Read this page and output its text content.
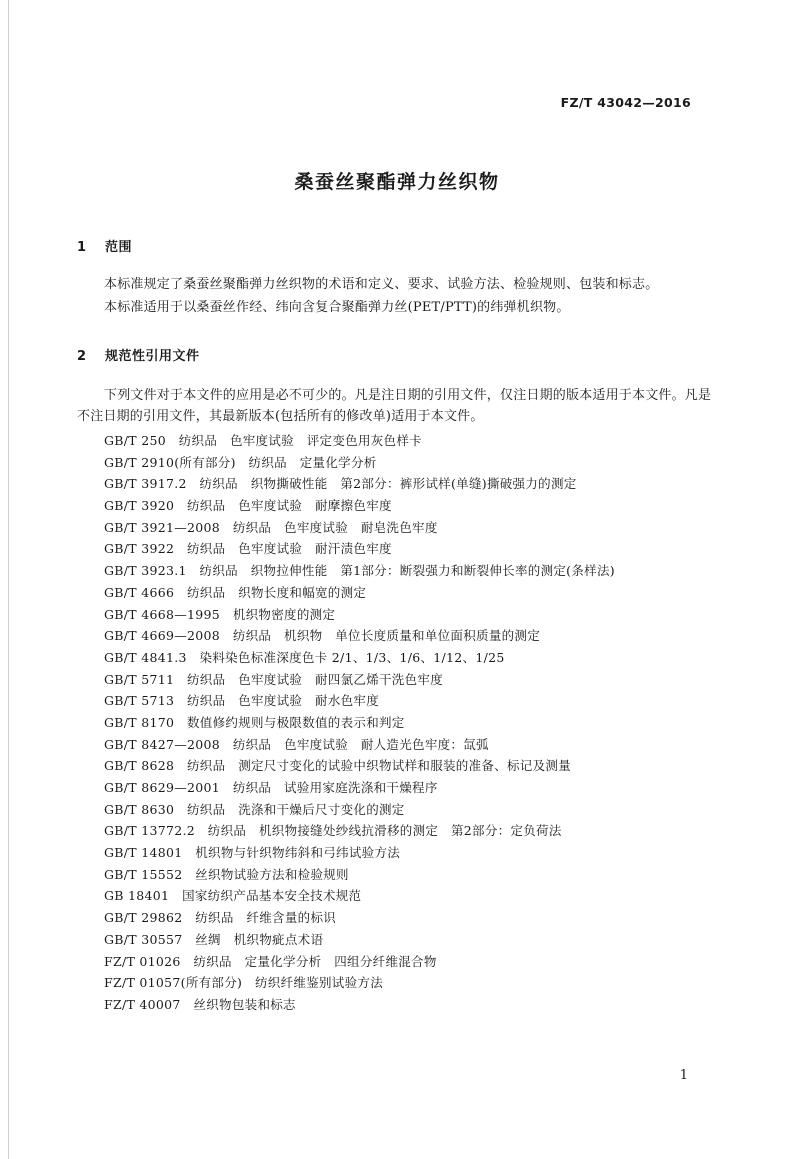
FZ/T 43042—2016
桑蚕丝聚酯弹力丝织物
1 范围
本标准规定了桑蚕丝聚酯弹力丝织物的术语和定义、要求、试验方法、检验规则、包装和标志。
本标准适用于以桑蚕丝作经、纬向含复合聚酯弹力丝(PET/PTT)的纬弹机织物。
2 规范性引用文件
下列文件对于本文件的应用是必不可少的。凡是注日期的引用文件，仅注日期的版本适用于本文件。凡是不注日期的引用文件，其最新版本(包括所有的修改单)适用于本文件。
GB/T 250　纺织品　色牢度试验　评定变色用灰色样卡
GB/T 2910(所有部分)　纺织品　定量化学分析
GB/T 3917.2　纺织品　织物撕破性能　第2部分：裤形试样(单缝)撕破强力的测定
GB/T 3920　纺织品　色牢度试验　耐摩擦色牢度
GB/T 3921—2008　纺织品　色牢度试验　耐皂洗色牢度
GB/T 3922　纺织品　色牢度试验　耐汗渍色牢度
GB/T 3923.1　纺织品　织物拉伸性能　第1部分：断裂强力和断裂伸长率的测定(条样法)
GB/T 4666　纺织品　织物长度和幅宽的测定
GB/T 4668—1995　机织物密度的测定
GB/T 4669—2008　纺织品　机织物　单位长度质量和单位面积质量的测定
GB/T 4841.3　染料染色标准深度色卡 2/1、1/3、1/6、1/12、1/25
GB/T 5711　纺织品　色牢度试验　耐四氯乙烯干洗色牢度
GB/T 5713　纺织品　色牢度试验　耐水色牢度
GB/T 8170　数值修约规则与极限数值的表示和判定
GB/T 8427—2008　纺织品　色牢度试验　耐人造光色牢度：氙弧
GB/T 8628　纺织品　测定尺寸变化的试验中织物试样和服装的准备、标记及测量
GB/T 8629—2001　纺织品　试验用家庭洗涤和干燥程序
GB/T 8630　纺织品　洗涤和干燥后尺寸变化的测定
GB/T 13772.2　纺织品　机织物接缝处纱线抗滑移的测定　第2部分：定负荷法
GB/T 14801　机织物与针织物纬斜和弓纬试验方法
GB/T 15552　丝织物试验方法和检验规则
GB 18401　国家纺织产品基本安全技术规范
GB/T 29862　纺织品　纤维含量的标识
GB/T 30557　丝绸　机织物疵点术语
FZ/T 01026　纺织品　定量化学分析　四组分纤维混合物
FZ/T 01057(所有部分)　纺织纤维鉴别试验方法
FZ/T 40007　丝织物包装和标志
1
